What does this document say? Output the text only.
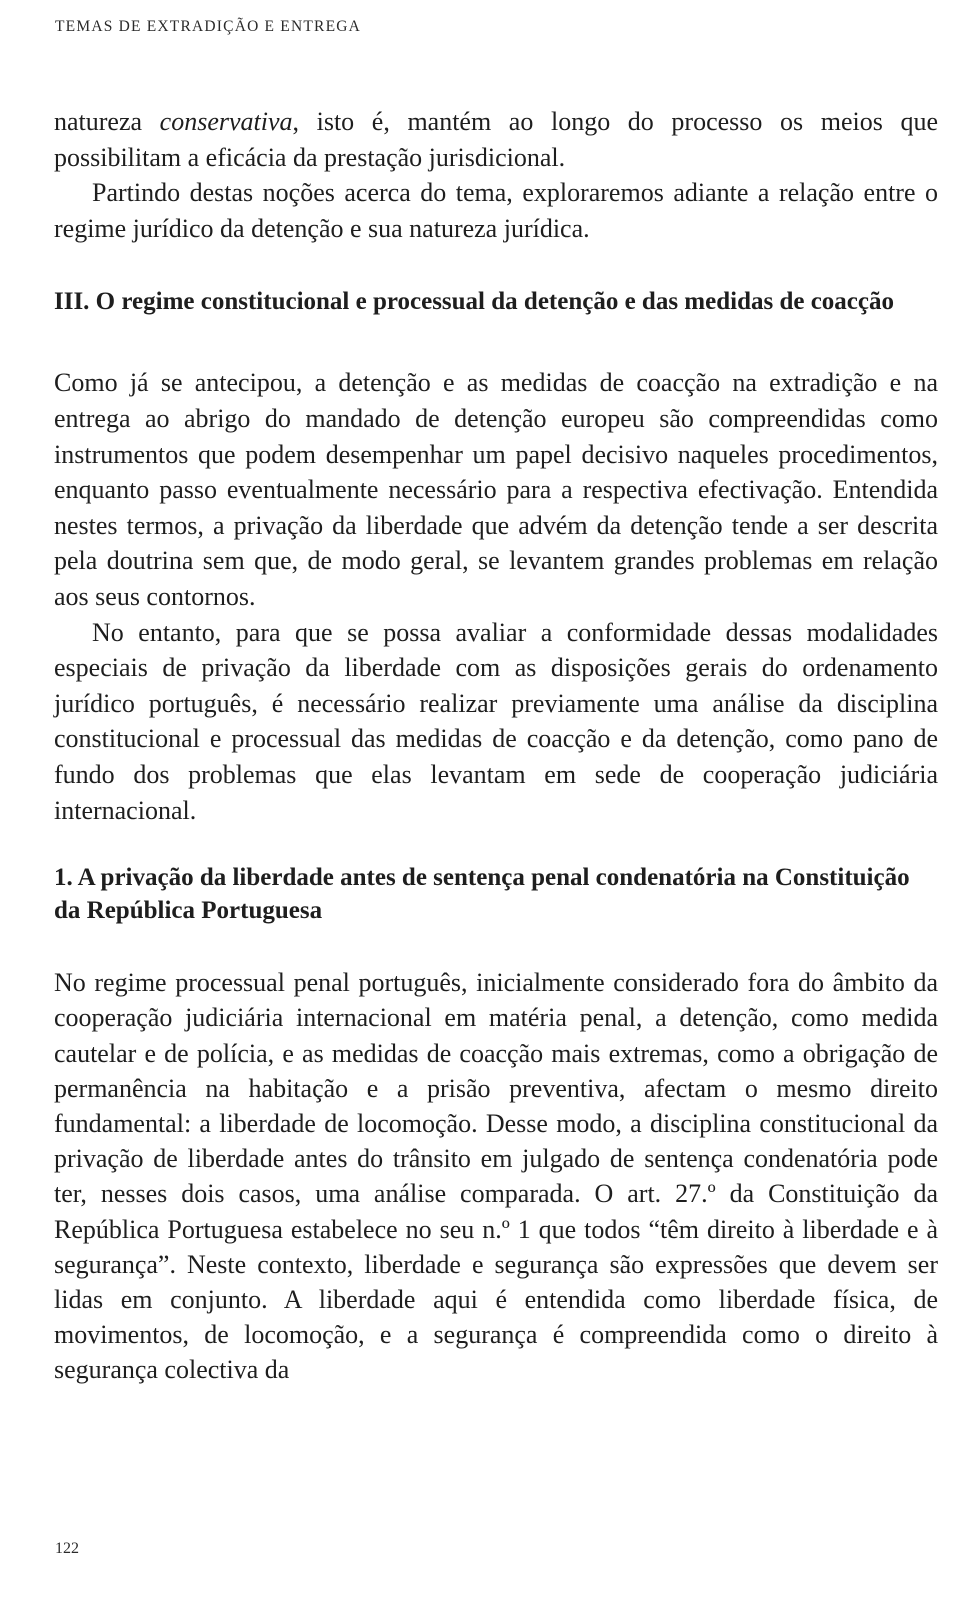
TEMAS DE EXTRADIÇÃO E ENTREGA

natureza conservativa, isto é, mantém ao longo do processo os meios que possibilitam a eficácia da prestação jurisdicional.

Partindo destas noções acerca do tema, exploraremos adiante a relação entre o regime jurídico da detenção e sua natureza jurídica.

III. O regime constitucional e processual da detenção e das medidas de coacção

Como já se antecipou, a detenção e as medidas de coacção na extradição e na entrega ao abrigo do mandado de detenção europeu são compreendidas como instrumentos que podem desempenhar um papel decisivo naqueles procedimentos, enquanto passo eventualmente necessário para a respectiva efectivação. Entendida nestes termos, a privação da liberdade que advém da detenção tende a ser descrita pela doutrina sem que, de modo geral, se levantem grandes problemas em relação aos seus contornos.

No entanto, para que se possa avaliar a conformidade dessas modalidades especiais de privação da liberdade com as disposições gerais do ordenamento jurídico português, é necessário realizar previamente uma análise da disciplina constitucional e processual das medidas de coacção e da detenção, como pano de fundo dos problemas que elas levantam em sede de cooperação judiciária internacional.

1. A privação da liberdade antes de sentença penal condenatória na Constituição da República Portuguesa

No regime processual penal português, inicialmente considerado fora do âmbito da cooperação judiciária internacional em matéria penal, a detenção, como medida cautelar e de polícia, e as medidas de coacção mais extremas, como a obrigação de permanência na habitação e a prisão preventiva, afectam o mesmo direito fundamental: a liberdade de locomoção. Desse modo, a disciplina constitucional da privação de liberdade antes do trânsito em julgado de sentença condenatória pode ter, nesses dois casos, uma análise comparada. O art. 27.º da Constituição da República Portuguesa estabelece no seu n.º 1 que todos “têm direito à liberdade e à segurança”. Neste contexto, liberdade e segurança são expressões que devem ser lidas em conjunto. A liberdade aqui é entendida como liberdade física, de movimentos, de locomoção, e a segurança é compreendida como o direito à segurança colectiva da

122
